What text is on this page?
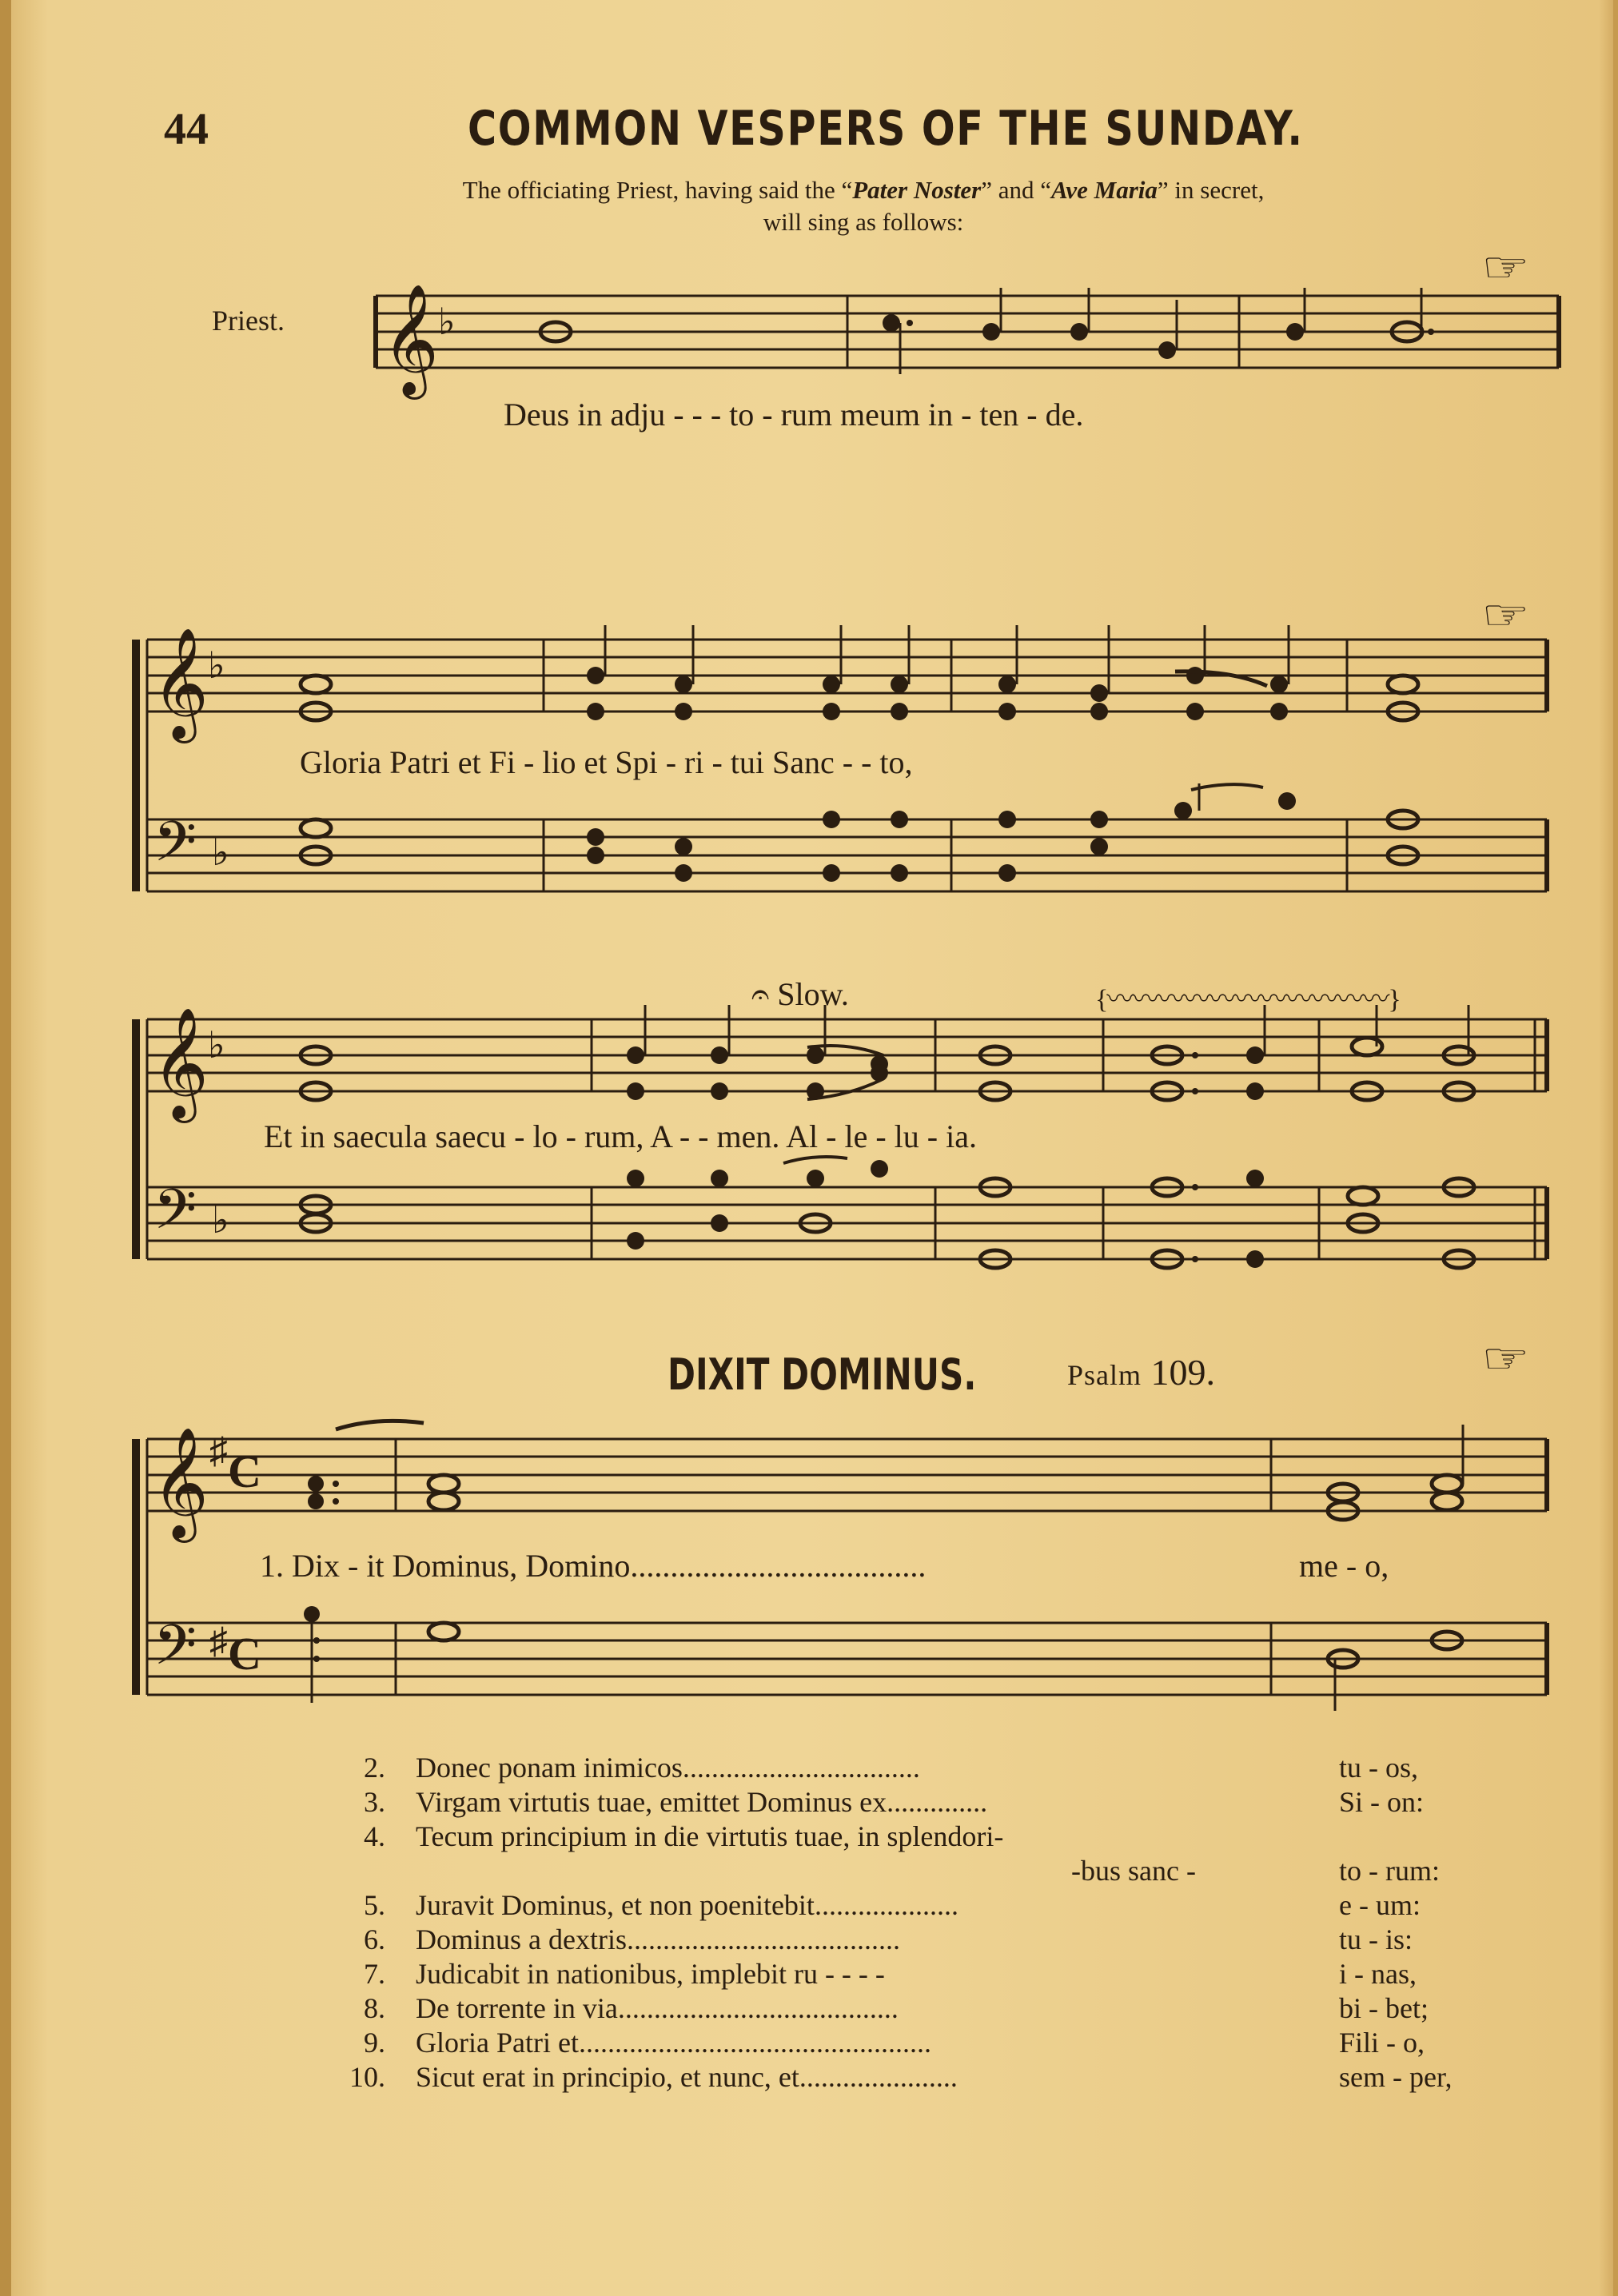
44	COMMON VESPERS OF THE SUNDAY.
The officiating Priest, having said the “Pater Noster” and “Ave Maria” in secret,
will sing as follows:
Priest.
☞
𝄞 ♭
Deus in adju - - - to - rum meum in - ten - de.
☞
𝄞 ♭
𝄢 ♭
Gloria Patri et Fi - lio et Spi - ri - tui Sanc - - to,
𝄐 Slow.
𝄞 ♭
𝄢 ♭
{〰〰〰〰〰〰〰〰〰〰〰}
Et in saecula saecu - lo - rum, A - - men. Al - le - lu - ia.
DIXIT DOMINUS.	Psalm 109.	☞
𝄞 ♯ C
𝄢 ♯ C
1. Dix - it Dominus, Domino.....................................	me - o,
2. Donec ponam inimicos.................................	tu - os,
3. Virgam virtutis tuae, emittet Dominus ex..............	Si - on:
4. Tecum principium in die virtutis tuae, in splendori-
-bus sanc -	to - rum:
5. Juravit Dominus, et non poenitebit....................	e - um:
6. Dominus a dextris......................................	tu - is:
7. Judicabit in nationibus, implebit ru - - - -	i - nas,
8. De torrente in via.......................................	bi - bet;
9. Gloria Patri et.................................................	Fili - o,
10. Sicut erat in principio, et nunc, et......................	sem - per,
